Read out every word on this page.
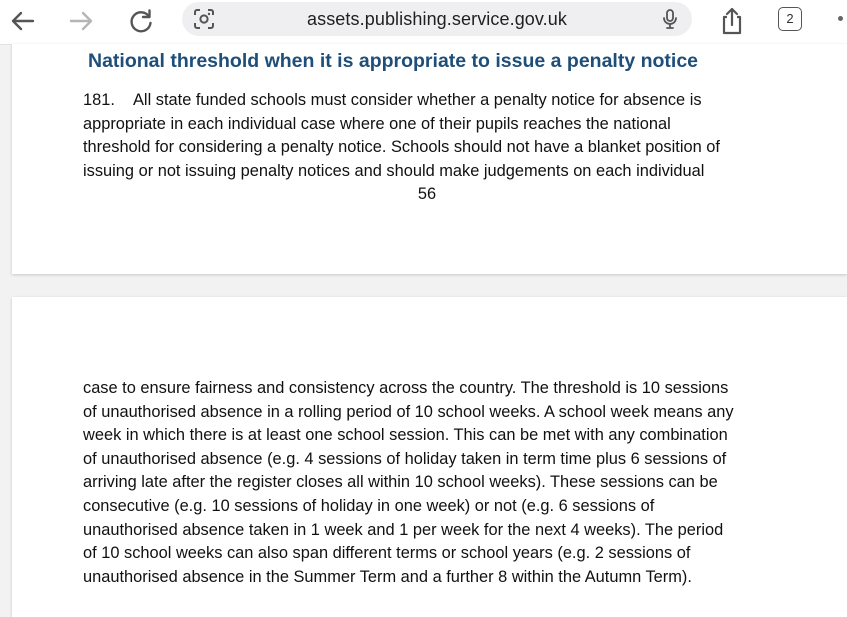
assets.publishing.service.gov.uk	2
National threshold when it is appropriate to issue a penalty notice

181. All state funded schools must consider whether a penalty notice for absence is
appropriate in each individual case where one of their pupils reaches the national
threshold for considering a penalty notice. Schools should not have a blanket position of
issuing or not issuing penalty notices and should make judgements on each individual

56

case to ensure fairness and consistency across the country. The threshold is 10 sessions
of unauthorised absence in a rolling period of 10 school weeks. A school week means any
week in which there is at least one school session. This can be met with any combination
of unauthorised absence (e.g. 4 sessions of holiday taken in term time plus 6 sessions of
arriving late after the register closes all within 10 school weeks). These sessions can be
consecutive (e.g. 10 sessions of holiday in one week) or not (e.g. 6 sessions of
unauthorised absence taken in 1 week and 1 per week for the next 4 weeks). The period
of 10 school weeks can also span different terms or school years (e.g. 2 sessions of
unauthorised absence in the Summer Term and a further 8 within the Autumn Term).
